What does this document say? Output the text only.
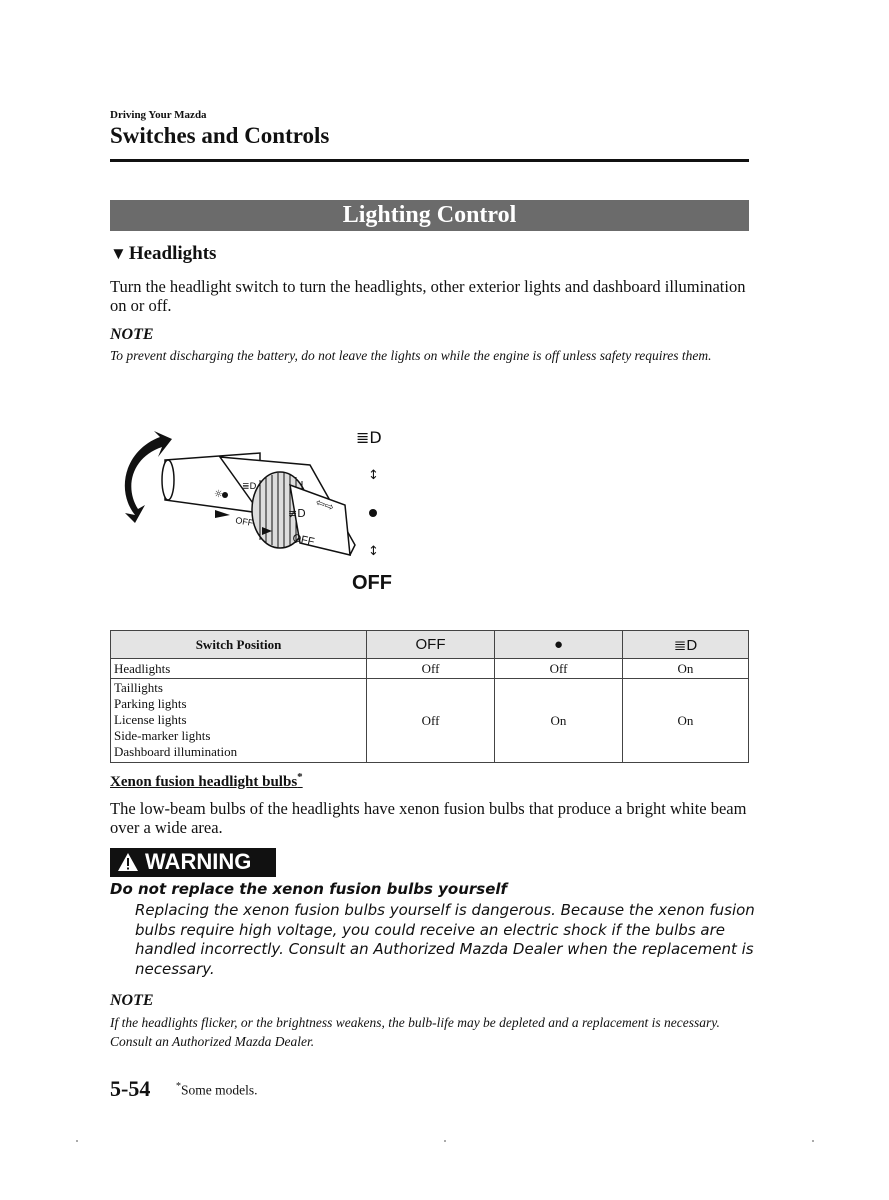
Driving Your Mazda
Switches and Controls
Lighting Control
▼ Headlights
Turn the headlight switch to turn the headlights, other exterior lights and dashboard illumination on or off.
NOTE
To prevent discharging the battery, do not leave the lights on while the engine is off unless safety requires them.
☼
OFF
≣D
≢D ⇦⇨
OFF
≣D
↕
↕
OFF
Switch Position	OFF	●	≣D
Headlights	Off	Off	On

Taillights
Parking lights
License lights
Side-marker lights
Dashboard illumination	Off	On	On
Xenon fusion headlight bulbs*
The low-beam bulbs of the headlights have xenon fusion bulbs that produce a bright white beam over a wide area.
WARNING
Do not replace the xenon fusion bulbs yourself
Replacing the xenon fusion bulbs yourself is dangerous. Because the xenon fusion bulbs require high voltage, you could receive an electric shock if the bulbs are handled incorrectly. Consult an Authorized Mazda Dealer when the replacement is necessary.
NOTE
If the headlights flicker, or the brightness weakens, the bulb-life may be depleted and a replacement is necessary. Consult an Authorized Mazda Dealer.
5-54	*Some models.
